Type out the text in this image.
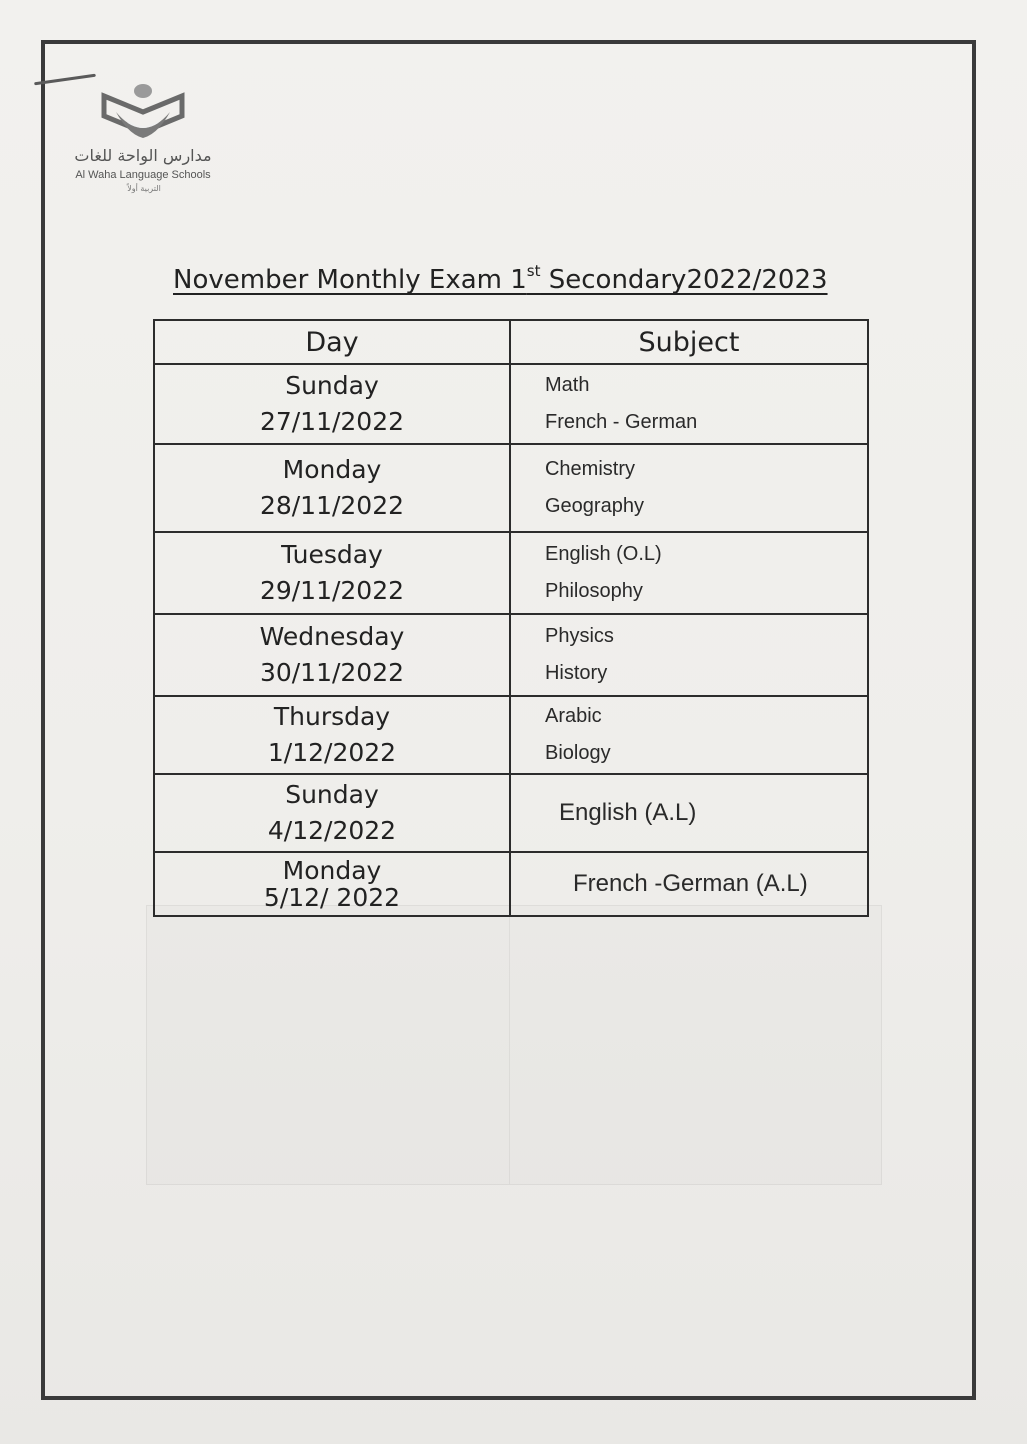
مدارس الواحة للغات
Al Waha Language Schools
التربية أولاً
November Monthly Exam 1st Secondary2022/2023
Day	Subject

Sunday
27/11/2022	Math
French - German

Monday
28/11/2022	Chemistry
Geography

Tuesday
29/11/2022	English (O.L)
Philosophy

Wednesday
30/11/2022	Physics
History

Thursday
1/12/2022	Arabic
Biology

Sunday
4/12/2022	English (A.L)

Monday
5/12/ 2022	French -German (A.L)
